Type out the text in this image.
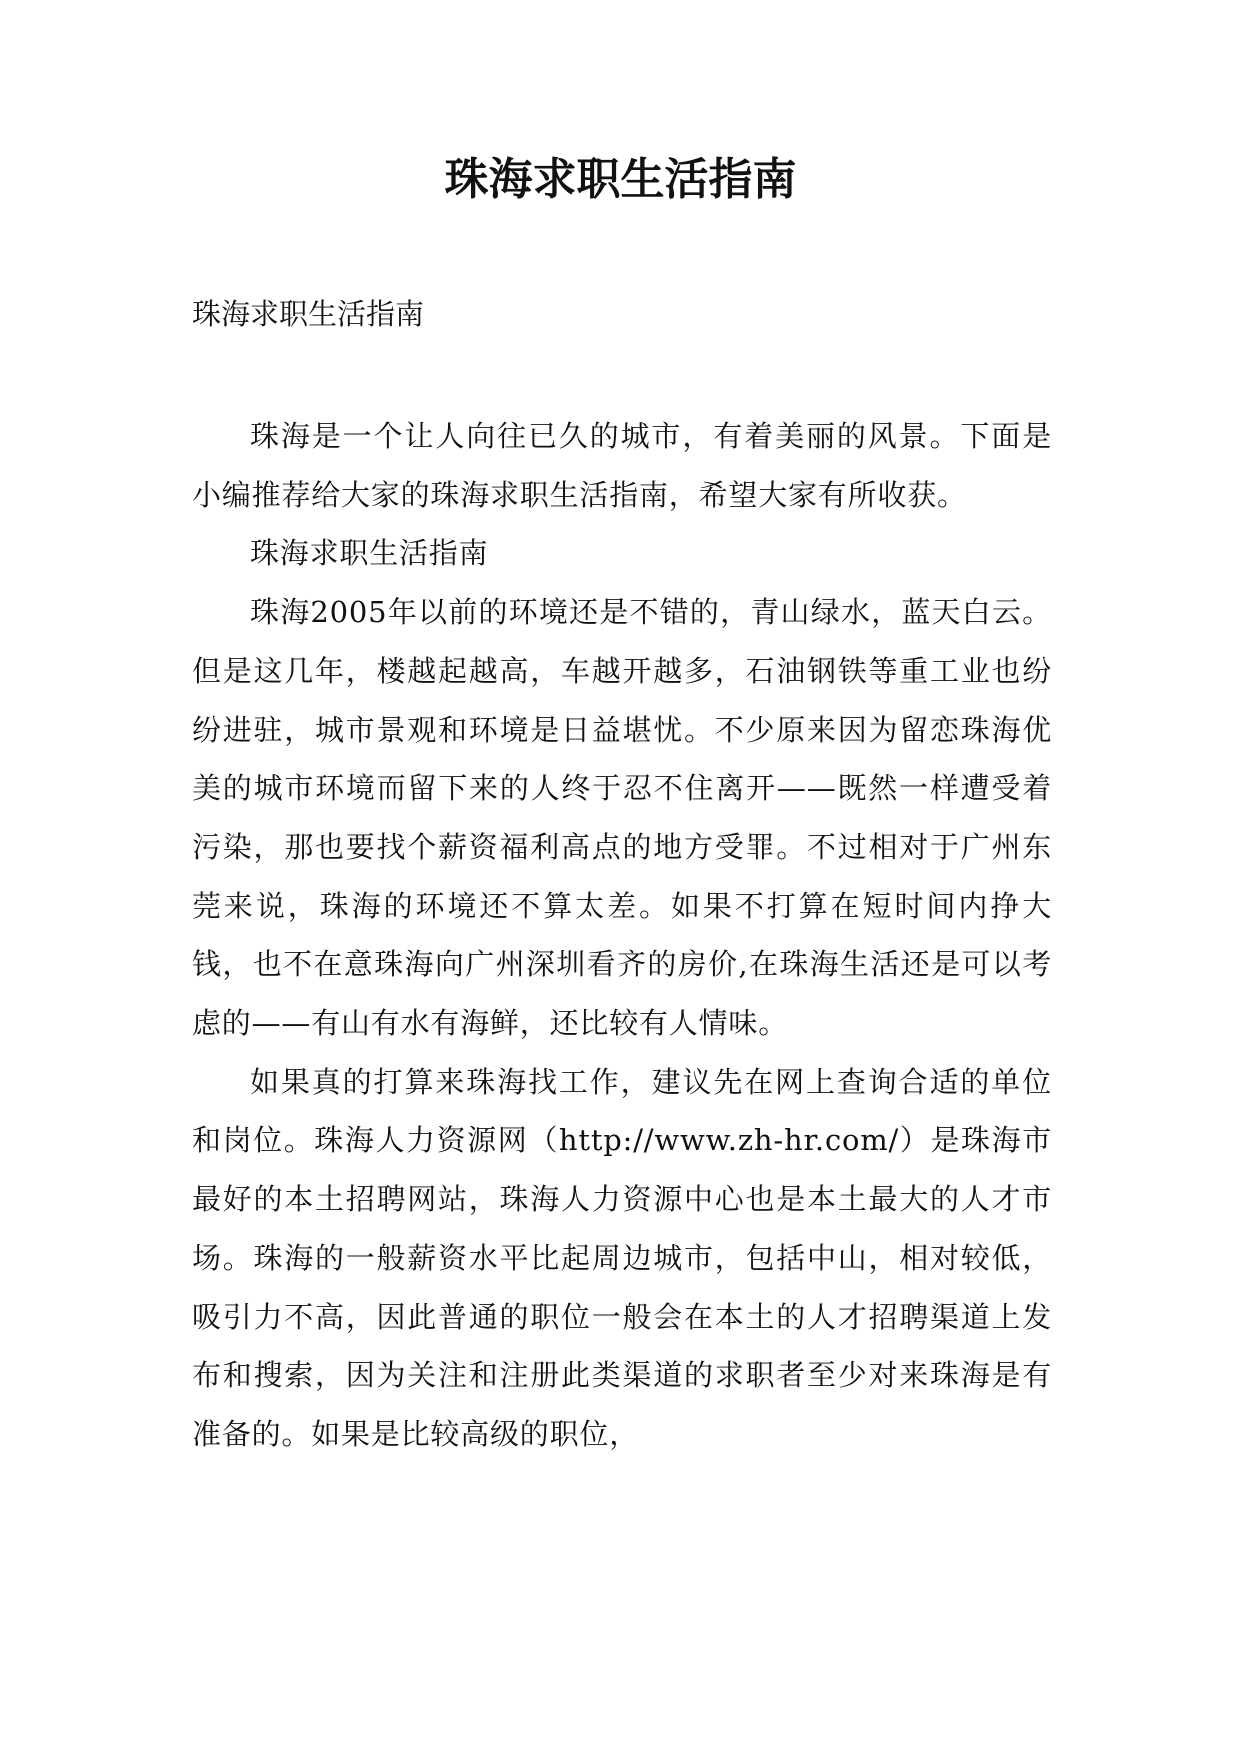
珠海求职生活指南

珠海求职生活指南

珠海是一个让人向往已久的城市，有着美丽的风景。下面是小编推荐给大家的珠海求职生活指南，希望大家有所收获。

珠海求职生活指南

珠海2005年以前的环境还是不错的，青山绿水，蓝天白云。但是这几年，楼越起越高，车越开越多，石油钢铁等重工业也纷纷进驻，城市景观和环境是日益堪忧。不少原来因为留恋珠海优美的城市环境而留下来的人终于忍不住离开——既然一样遭受着污染，那也要找个薪资福利高点的地方受罪。不过相对于广州东莞来说，珠海的环境还不算太差。如果不打算在短时间内挣大钱，也不在意珠海向广州深圳看齐的房价,在珠海生活还是可以考虑的——有山有水有海鲜，还比较有人情味。

如果真的打算来珠海找工作，建议先在网上查询合适的单位和岗位。珠海人力资源网（http://www.zh-hr.com/）是珠海市最好的本土招聘网站，珠海人力资源中心也是本土最大的人才市场。珠海的一般薪资水平比起周边城市，包括中山，相对较低，吸引力不高，因此普通的职位一般会在本土的人才招聘渠道上发布和搜索，因为关注和注册此类渠道的求职者至少对来珠海是有准备的。如果是比较高级的职位，
